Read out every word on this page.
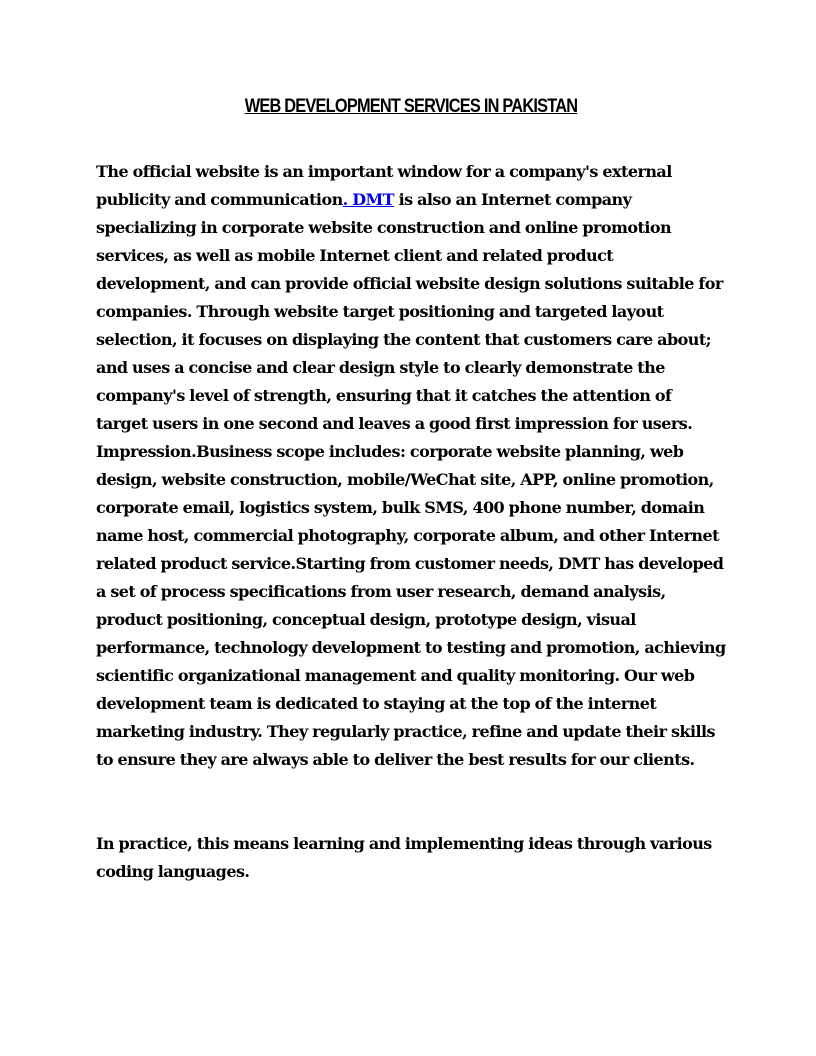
WEB DEVELOPMENT SERVICES IN PAKISTAN

The official website is an important window for a company's external publicity and communication. DMT is also an Internet company specializing in corporate website construction and online promotion services, as well as mobile Internet client and related product development, and can provide official website design solutions suitable for companies. Through website target positioning and targeted layout selection, it focuses on displaying the content that customers care about; and uses a concise and clear design style to clearly demonstrate the company's level of strength, ensuring that it catches the attention of target users in one second and leaves a good first impression for users. Impression.Business scope includes: corporate website planning, web design, website construction, mobile/WeChat site, APP, online promotion, corporate email, logistics system, bulk SMS, 400 phone number, domain name host, commercial photography, corporate album, and other Internet related product service.Starting from customer needs, DMT has developed a set of process specifications from user research, demand analysis, product positioning, conceptual design, prototype design, visual performance, technology development to testing and promotion, achieving scientific organizational management and quality monitoring. Our web development team is dedicated to staying at the top of the internet marketing industry. They regularly practice, refine and update their skills to ensure they are always able to deliver the best results for our clients.

In practice, this means learning and implementing ideas through various coding languages.
